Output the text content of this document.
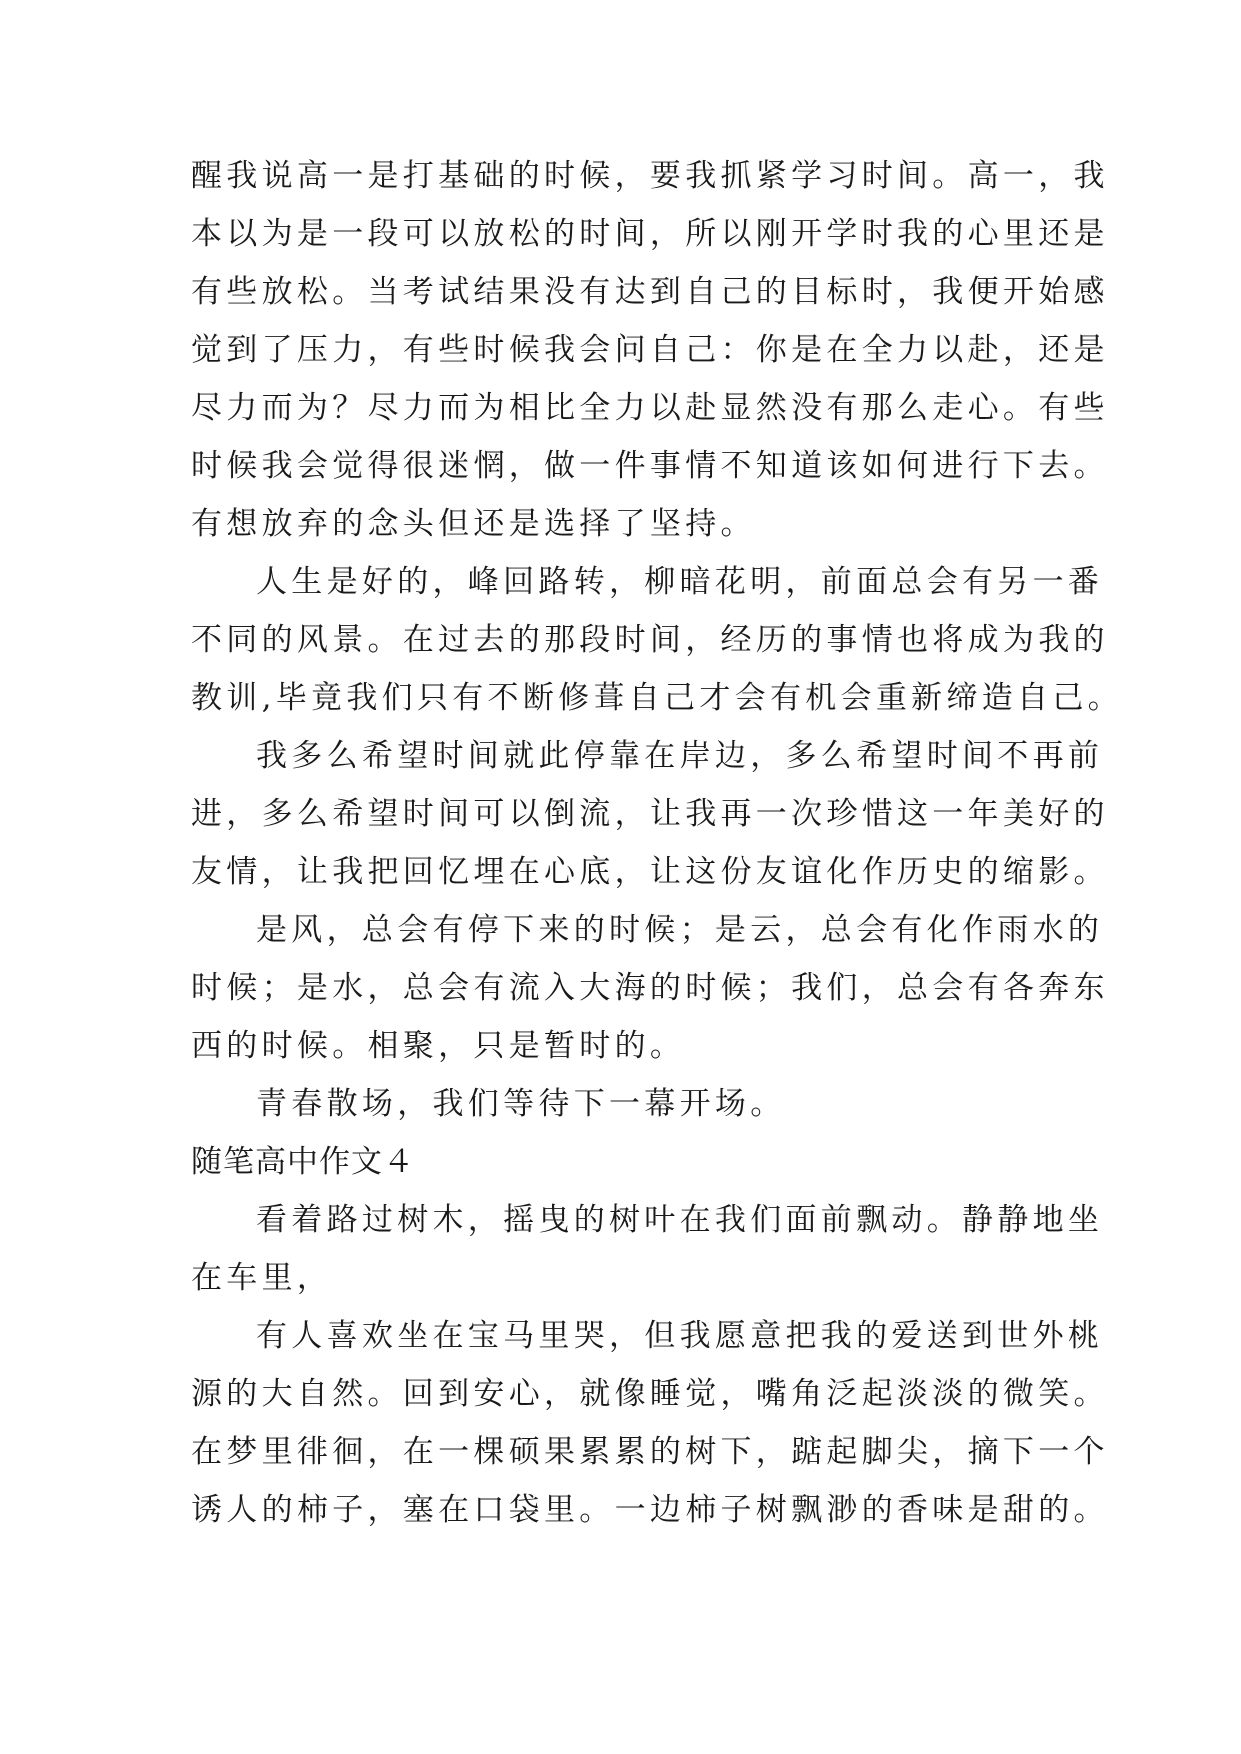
醒我说高一是打基础的时候，要我抓紧学习时间。高一，我
本以为是一段可以放松的时间，所以刚开学时我的心里还是
有些放松。当考试结果没有达到自己的目标时，我便开始感
觉到了压力，有些时候我会问自己：你是在全力以赴，还是
尽力而为？尽力而为相比全力以赴显然没有那么走心。有些
时候我会觉得很迷惘，做一件事情不知道该如何进行下去。
有想放弃的念头但还是选择了坚持。
人生是好的，峰回路转，柳暗花明，前面总会有另一番
不同的风景。在过去的那段时间，经历的事情也将成为我的
教训,毕竟我们只有不断修葺自己才会有机会重新缔造自己。
我多么希望时间就此停靠在岸边，多么希望时间不再前
进，多么希望时间可以倒流，让我再一次珍惜这一年美好的
友情，让我把回忆埋在心底，让这份友谊化作历史的缩影。
是风，总会有停下来的时候；是云，总会有化作雨水的
时候；是水，总会有流入大海的时候；我们，总会有各奔东
西的时候。相聚，只是暂时的。
青春散场，我们等待下一幕开场。
随笔高中作文４
看着路过树木，摇曳的树叶在我们面前飘动。静静地坐
在车里，
有人喜欢坐在宝马里哭，但我愿意把我的爱送到世外桃
源的大自然。回到安心，就像睡觉，嘴角泛起淡淡的微笑。
在梦里徘徊，在一棵硕果累累的树下，踮起脚尖，摘下一个
诱人的柿子，塞在口袋里。一边柿子树飘渺的香味是甜的。
